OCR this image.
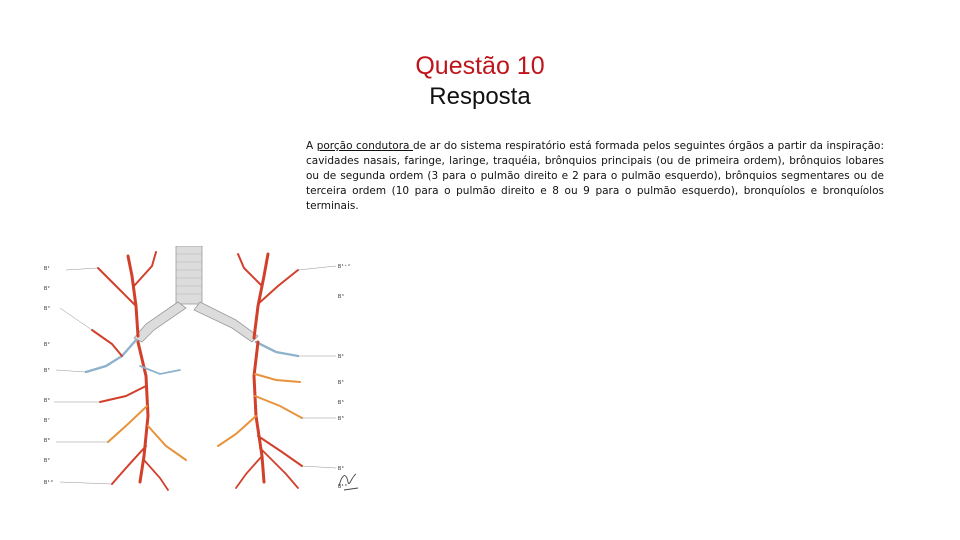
Questão 10
Resposta
A porção condutora de ar do sistema respiratório está formada pelos seguintes órgãos a partir da inspiração: cavidades nasais, faringe, laringe, traquéia, brônquios principais (ou de primeira ordem), brônquios lobares ou de segunda ordem (3 para o pulmão direito e 2 para o pulmão esquerdo), brônquios segmentares ou de terceira ordem (10 para o pulmão direito e 8 ou 9 para o pulmão esquerdo), bronquíolos e bronquíolos terminais.
B¹
B²
B³
B⁴
B⁵
B⁶
B⁷
B⁸
B⁹
B¹⁰
B¹⁺²
B³
B⁴
B⁵
B⁶
B⁸
B⁹
B¹⁰
